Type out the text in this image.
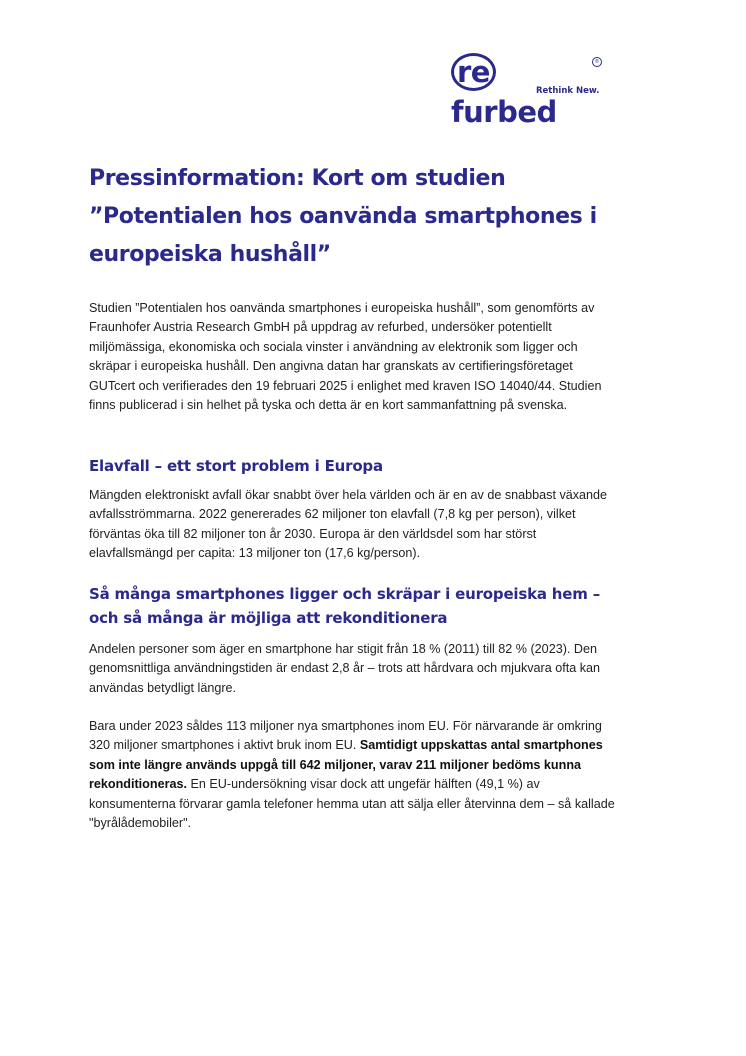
refurbed
®
Rethink New.
Pressinformation: Kort om studien ”Potentialen hos oanvända smartphones i europeiska hushåll”

Studien ”Potentialen hos oanvända smartphones i europeiska hushåll”, som genomförts av Fraunhofer Austria Research GmbH på uppdrag av refurbed, undersöker potentiellt miljömässiga, ekonomiska och sociala vinster i användning av elektronik som ligger och skräpar i europeiska hushåll. Den angivna datan har granskats av certifieringsföretaget GUTcert och verifierades den 19 februari 2025 i enlighet med kraven ISO 14040/44. Studien finns publicerad i sin helhet på tyska och detta är en kort sammanfattning på svenska.

Elavfall – ett stort problem i Europa

Mängden elektroniskt avfall ökar snabbt över hela världen och är en av de snabbast växande avfallsströmmarna. 2022 genererades 62 miljoner ton elavfall (7,8 kg per person), vilket förväntas öka till 82 miljoner ton år 2030. Europa är den världsdel som har störst elavfallsmängd per capita: 13 miljoner ton (17,6 kg/person).

Så många smartphones ligger och skräpar i europeiska hem – och så många är möjliga att rekonditionera

Andelen personer som äger en smartphone har stigit från 18 % (2011) till 82 % (2023). Den genomsnittliga användningstiden är endast 2,8 år – trots att hårdvara och mjukvara ofta kan användas betydligt längre.

Bara under 2023 såldes 113 miljoner nya smartphones inom EU. För närvarande är omkring 320 miljoner smartphones i aktivt bruk inom EU. Samtidigt uppskattas antal smartphones som inte längre används uppgå till 642 miljoner, varav 211 miljoner bedöms kunna rekonditioneras. En EU-undersökning visar dock att ungefär hälften (49,1 %) av konsumenterna förvarar gamla telefoner hemma utan att sälja eller återvinna dem – så kallade "byrålådemobiler".
